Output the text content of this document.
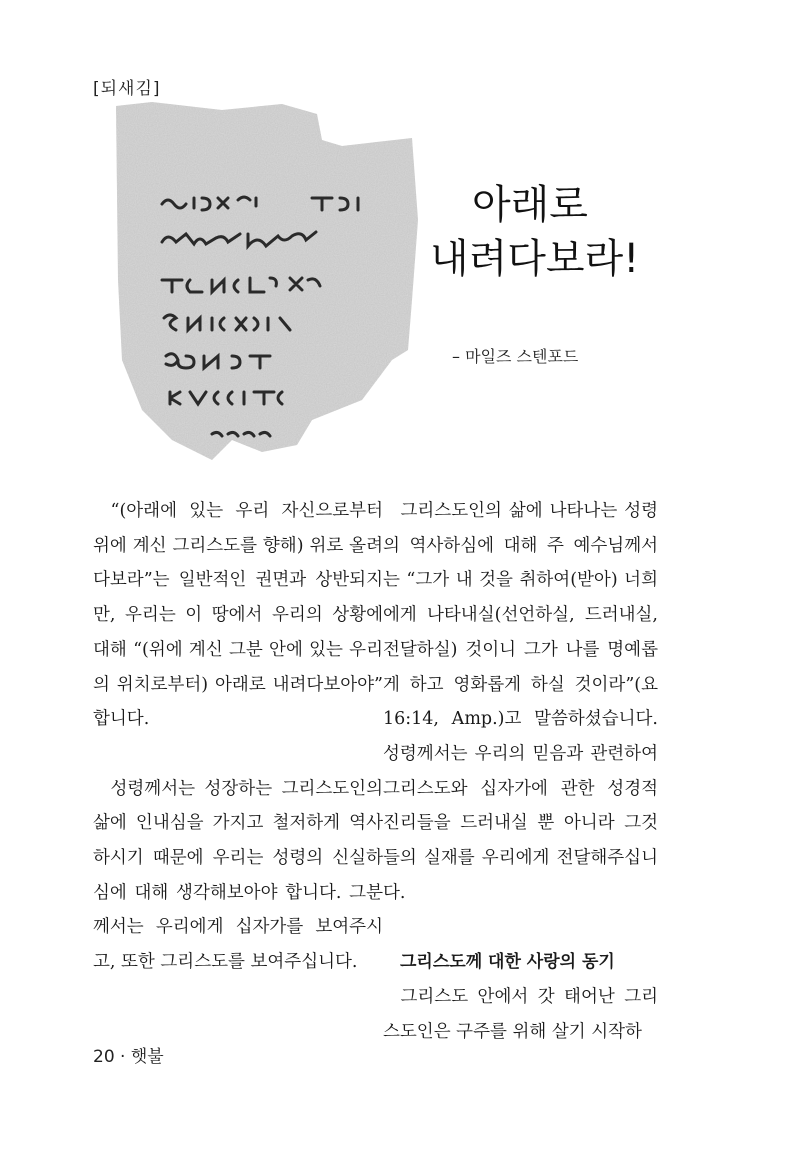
[되새김]
아래로
내려다보라!
– 마일즈 스텐포드

“(아래에 있는 우리 자신으로부터 위에 계신 그리스도를 향해) 위로 올려다보라”는 일반적인 권면과 상반되지만, 우리는 이 땅에서 우리의 상황에 대해 “(위에 계신 그분 안에 있는 우리의 위치로부터) 아래로 내려다보아야” 합니다.

성령께서는 성장하는 그리스도인의 삶에 인내심을 가지고 철저하게 역사하시기 때문에 우리는 성령의 신실하심에 대해 생각해보아야 합니다. 그분께서는 우리에게 십자가를 보여주시고, 또한 그리스도를 보여주십니다.

그리스도인의 삶에 나타나는 성령의 역사하심에 대해 주 예수님께서는 “그가 내 것을 취하여(받아) 너희에게 나타내실(선언하실, 드러내실, 전달하실) 것이니 그가 나를 명예롭게 하고 영화롭게 하실 것이라”(요 16:14, Amp.)고 말씀하셨습니다. 성령께서는 우리의 믿음과 관련하여 그리스도와 십자가에 관한 성경적 진리들을 드러내실 뿐 아니라 그것들의 실재를 우리에게 전달해주십니다.

그리스도께 대한 사랑의 동기

그리스도 안에서 갓 태어난 그리스도인은 구주를 위해 살기 시작하

20 · 햇불
